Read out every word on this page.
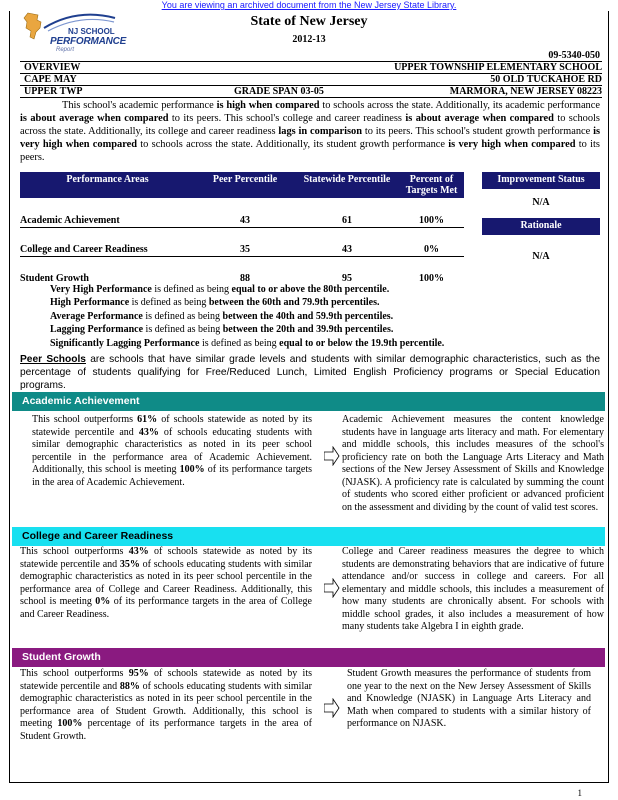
You are viewing an archived document from the New Jersey State Library.
NJ SCHOOL
PERFORMANCE
Report
State of New Jersey
2012-13
09-5340-050
OVERVIEW	UPPER TOWNSHIP ELEMENTARY SCHOOL
CAPE MAY	50 OLD TUCKAHOE RD
UPPER TWP	GRADE SPAN 03-05	MARMORA, NEW JERSEY 08223

This school's academic performance is high when compared to schools across the state. Additionally, its academic performance is about average when compared to its peers. This school's college and career readiness is about average when compared to schools across the state. Additionally, its college and career readiness lags in comparison to its peers. This school's student growth performance is very high when compared to schools across the state. Additionally, its student growth performance is very high when compared to its peers.

Performance Areas	Peer Percentile	Statewide Percentile	Percent of Targets Met
Academic Achievement	43	61	100%
College and Career Readiness	35	43	0%
Student Growth	88	95	100%
Improvement Status
N/A
Rationale
N/A
Very High Performance is defined as being equal to or above the 80th percentile.
High Performance is defined as being between the 60th and 79.9th percentiles.
Average Performance is defined as being between the 40th and 59.9th percentiles.
Lagging Performance is defined as being between the 20th and 39.9th percentiles.
Significantly Lagging Performance is defined as being equal to or below the 19.9th percentile.

Peer Schools are schools that have similar grade levels and students with similar demographic characteristics, such as the percentage of students qualifying for Free/Reduced Lunch, Limited English Proficiency programs or Special Education programs.

Academic Achievement

This school outperforms 61% of schools statewide as noted by its statewide percentile and 43% of schools educating students with similar demographic characteristics as noted in its peer school percentile in the performance area of Academic Achievement. Additionally, this school is meeting 100% of its performance targets in the area of Academic Achievement.

Academic Achievement measures the content knowledge students have in language arts literacy and math. For elementary and middle schools, this includes measures of the school's proficiency rate on both the Language Arts Literacy and Math sections of the New Jersey Assessment of Skills and Knowledge (NJASK). A proficiency rate is calculated by summing the count of students who scored either proficient or advanced proficient on the assessment and dividing by the count of valid test scores.

College and Career Readiness

This school outperforms 43% of schools statewide as noted by its statewide percentile and 35% of schools educating students with similar demographic characteristics as noted in its peer school percentile in the performance area of College and Career Readiness. Additionally, this school is meeting 0% of its performance targets in the area of College and Career Readiness.

College and Career readiness measures the degree to which students are demonstrating behaviors that are indicative of future attendance and/or success in college and careers. For all elementary and middle schools, this includes a measurement of how many students are chronically absent. For schools with middle school grades, it also includes a measurement of how many students take Algebra I in eighth grade.

Student Growth

This school outperforms 95% of schools statewide as noted by its statewide percentile and 88% of schools educating students with similar demographic characteristics as noted in its peer school percentile in the performance area of Student Growth. Additionally, this school is meeting 100% percentage of its performance targets in the area of Student Growth.

Student Growth measures the performance of students from one year to the next on the New Jersey Assessment of Skills and Knowledge (NJASK) in Language Arts Literacy and Math when compared to students with a similar history of performance on NJASK.

1
